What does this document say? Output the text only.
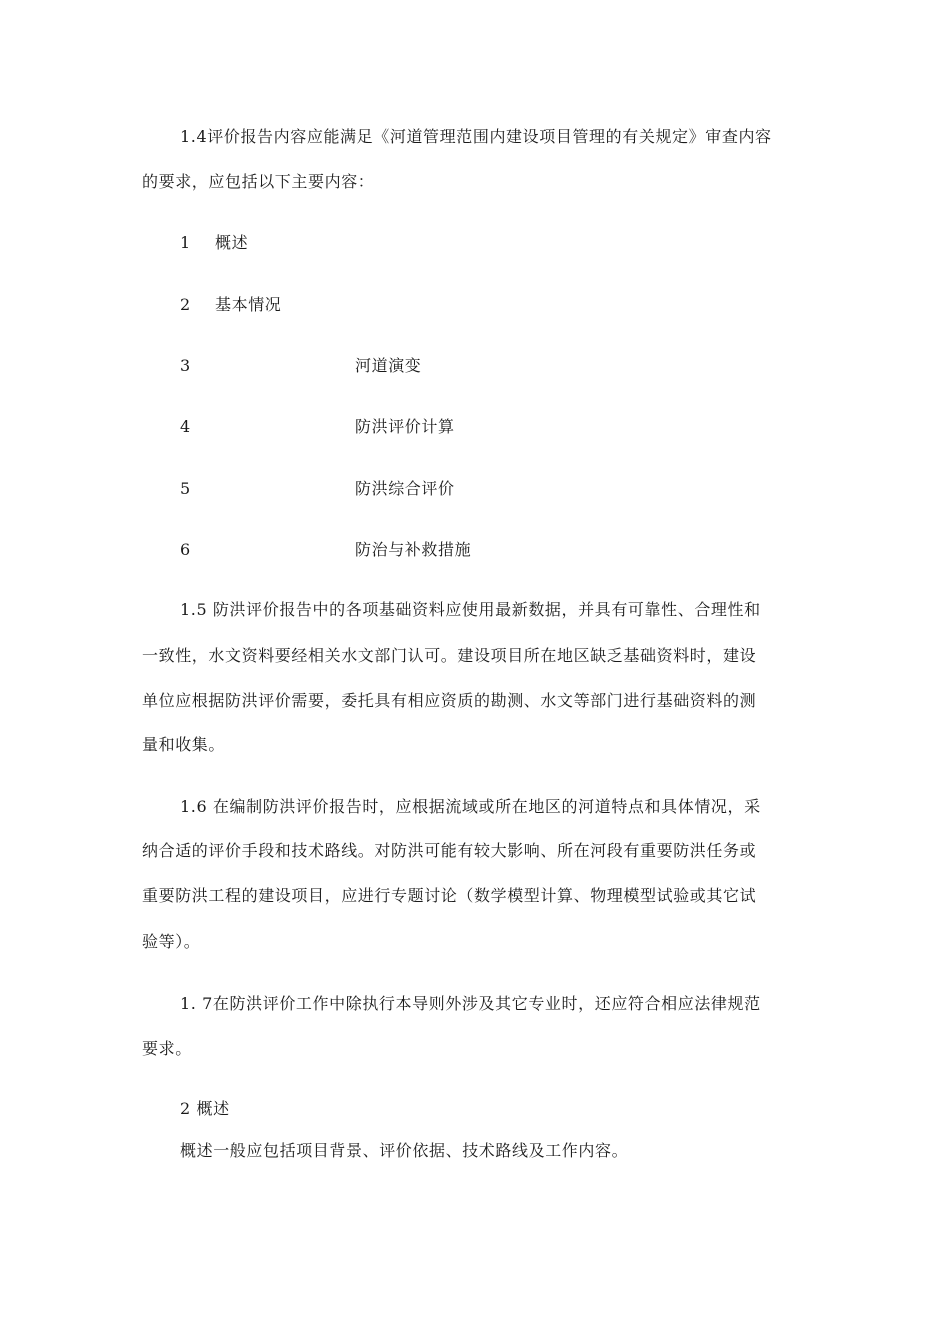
1.4评价报告内容应能满足《河道管理范围内建设项目管理的有关规定》审查内容
的要求，应包括以下主要内容：
1 概述
2 基本情况
3	河道演变
4	防洪评价计算
5	防洪综合评价
6	防治与补救措施
1.5 防洪评价报告中的各项基础资料应使用最新数据，并具有可靠性、合理性和
一致性，水文资料要经相关水文部门认可。建设项目所在地区缺乏基础资料时，建设
单位应根据防洪评价需要，委托具有相应资质的勘测、水文等部门进行基础资料的测
量和收集。
1.6 在编制防洪评价报告时，应根据流域或所在地区的河道特点和具体情况，采
纳合适的评价手段和技术路线。对防洪可能有较大影响、所在河段有重要防洪任务或
重要防洪工程的建设项目，应进行专题讨论（数学模型计算、物理模型试验或其它试
验等）。
1. 7在防洪评价工作中除执行本导则外涉及其它专业时，还应符合相应法律规范
要求。
2 概述
概述一般应包括项目背景、评价依据、技术路线及工作内容。
